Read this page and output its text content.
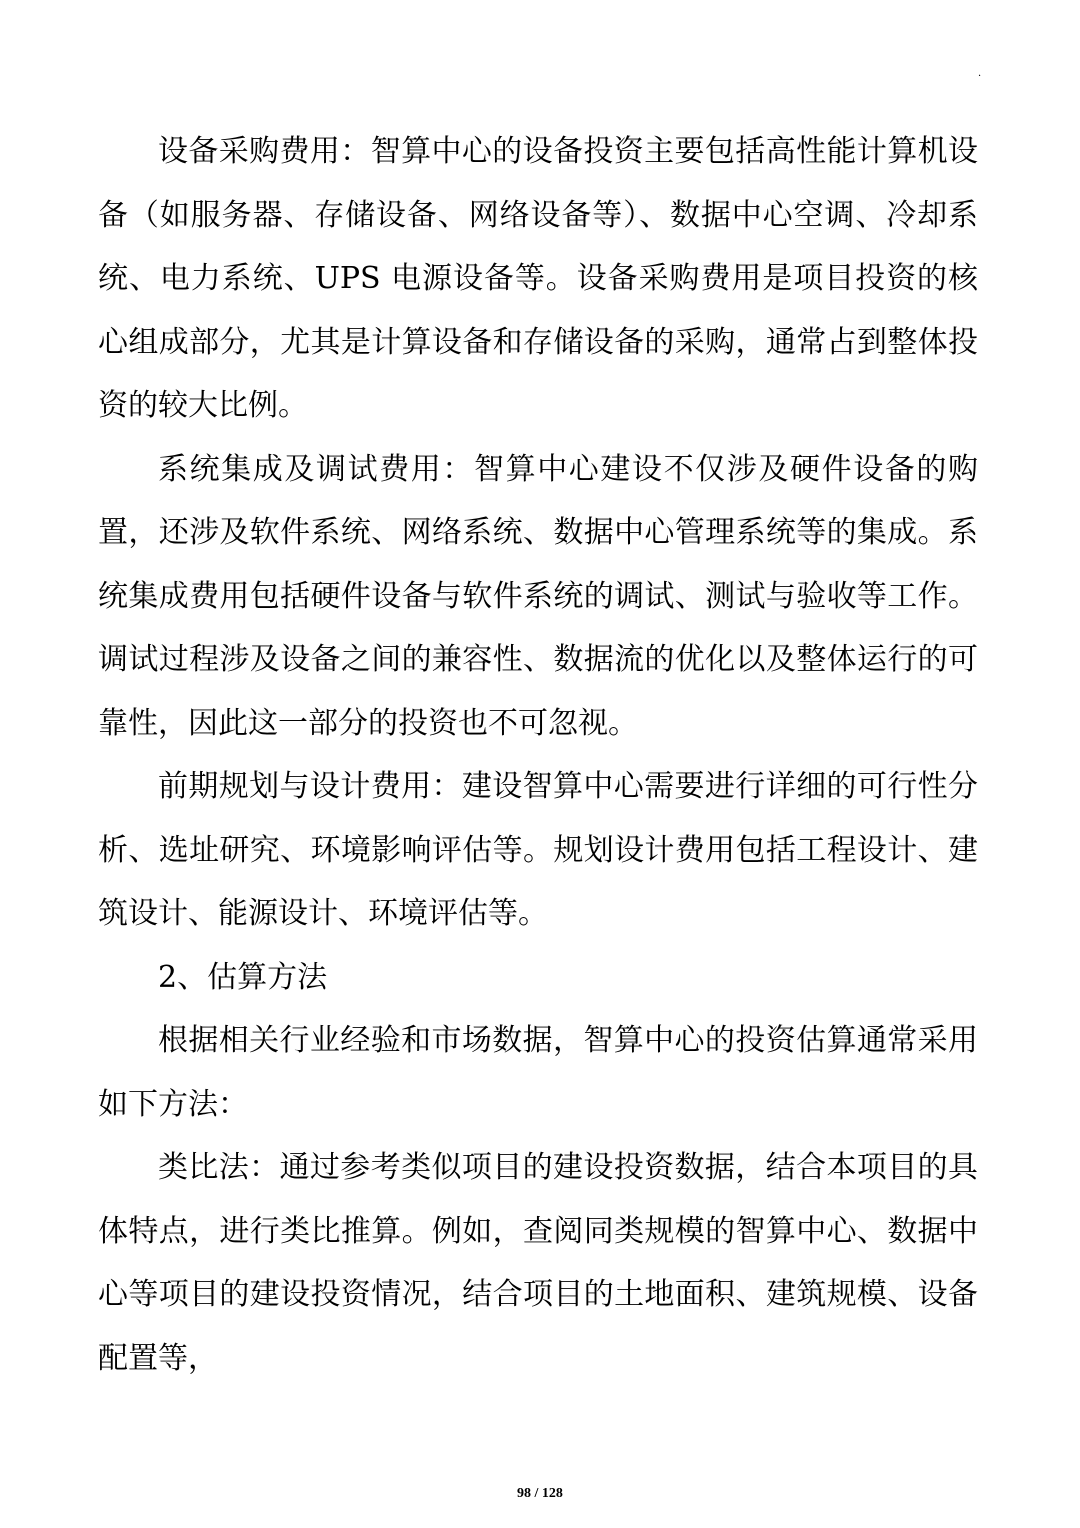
·

设备采购费用：智算中心的设备投资主要包括高性能计算机设备（如服务器、存储设备、网络设备等）、数据中心空调、冷却系统、电力系统、UPS 电源设备等。设备采购费用是项目投资的核心组成部分，尤其是计算设备和存储设备的采购，通常占到整体投资的较大比例。

系统集成及调试费用：智算中心建设不仅涉及硬件设备的购置，还涉及软件系统、网络系统、数据中心管理系统等的集成。系统集成费用包括硬件设备与软件系统的调试、测试与验收等工作。调试过程涉及设备之间的兼容性、数据流的优化以及整体运行的可靠性，因此这一部分的投资也不可忽视。

前期规划与设计费用：建设智算中心需要进行详细的可行性分析、选址研究、环境影响评估等。规划设计费用包括工程设计、建筑设计、能源设计、环境评估等。

2、估算方法

根据相关行业经验和市场数据，智算中心的投资估算通常采用如下方法：

类比法：通过参考类似项目的建设投资数据，结合本项目的具体特点，进行类比推算。例如，查阅同类规模的智算中心、数据中心等项目的建设投资情况，结合项目的土地面积、建筑规模、设备配置等，

98 / 128
